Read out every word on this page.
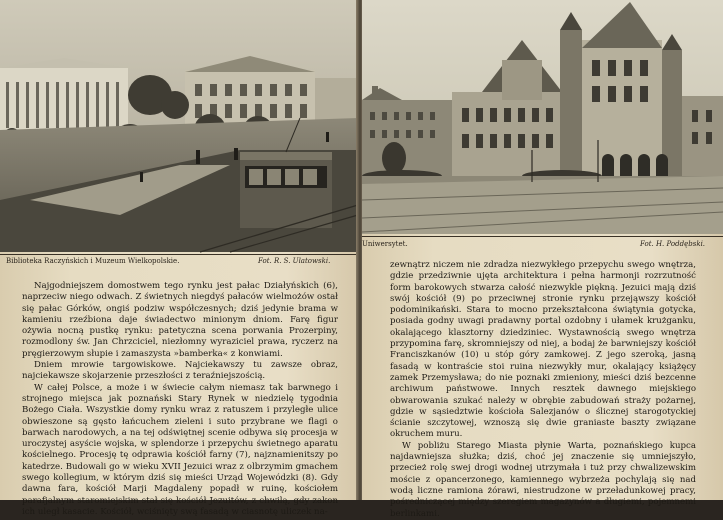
Biblioteka Raczyńskich i Muzeum Wielkopolskie.	Fot. R. S. Ulatowski.

Najgodniejszem domostwem tego rynku jest pałac Działyńskich (6), naprzeciw niego odwach. Z świetnych niegdyś pałaców wielmożów ostał się pałac Górków, ongiś podziw współczesnych; dziś jedynie brama w kamieniu rzeźbiona daje świadectwo minionym dniom. Farę figur ożywia nocną pustkę rynku: patetyczna scena porwania Prozerpiny, rozmodlony św. Jan Chrzciciel, niezłomny wyraziciel prawa, ryczerz na pręgierzowym słupie i zamaszysta »bamberka« z konwiami.

Dniem mrowie targowiskowe. Najciekawszy tu zawsze obraz, najciekawsze skojarzenie przeszłości z teraźniejszością.

W całej Polsce, a może i w świecie całym niemasz tak barwnego i strojnego miejsca jak poznański Stary Rynek w niedzielę tygodnia Bożego Ciała. Wszystkie domy rynku wraz z ratuszem i przyległe ulice obwieszone są gęsto łańcuchem zieleni i suto przybrane we flagi o barwach narodowych, a na tej odświętnej scenie odbywa się procesja w uroczystej asyście wojska, w splendorze i przepychu świetnego aparatu kościelnego. Procesję tę odprawia kościół farny (7), najznamienitszy po katedrze. Budowali go w wieku XVII Jezuici wraz z olbrzymim gmachem swego kollegium, w którym dziś się mieści Urząd Wojewódzki (8). Gdy dawna fara, kościół Marji Magdaleny popadł w ruinę, kościołem parafjalnym staromiejskim stał się kościół Jezuitów, z chwilą, gdy zakon ich uległ kasacie. Kościół, wciśnięty swą fasadą w ciasnotę uliczek na-

Uniwersytet.	Fot. H. Poddębski.

zewnątrz niczem nie zdradza niezwykłego przepychu swego wnętrza, gdzie przedziwnie ujęta architektura i pełna harmonji rozrzutność form barokowych stwarza całość niezwykle piękną. Jezuici mają dziś swój kościół (9) po przeciwnej stronie rynku przejąwszy kościół podominikański. Stara to mocno przekształcona świątynia gotycka, posiada godny uwagi pradawny portal ozdobny i ułamek krużganku, okalającego klasztorny dziedziniec. Wystawnością swego wnętrza przypomina farę, skromniejszy od niej, a bodaj że barwniejszy kościół Franciszkanów (10) u stóp góry zamkowej. Z jego szeroką, jasną fasadą w kontraście stoi ruina niezwykły mur, okalający książęcy zamek Przemysława; do nie poznaki zmieniony, mieści dziś bezcenne archiwum państwowe. Innych resztek dawnego miejskiego obwarowania szukać należy w obrębie zabudowań straży pożarnej, gdzie w sąsiedztwie kościoła Salezjanów o ślicznej starogotyckiej ścianie szczytowej, wznoszą się dwie graniaste baszty związane okruchem muru.

W pobliżu Starego Miasta płynie Warta, poznańskiego kupca najdawniejsza służka; dziś, choć jej znaczenie się umniejszyło, przecież rolę swej drogi wodnej utrzymała i tuż przy chwalizewskim moście z opancerzonego, kamiennego wybrzeża pochylają się nad wodą liczne ramiona żórawi, niestrudzone w przeładunkowej pracy, pośredniczącej między szeregiem magazynów a długiemi, pojemnemi berlinkami.
